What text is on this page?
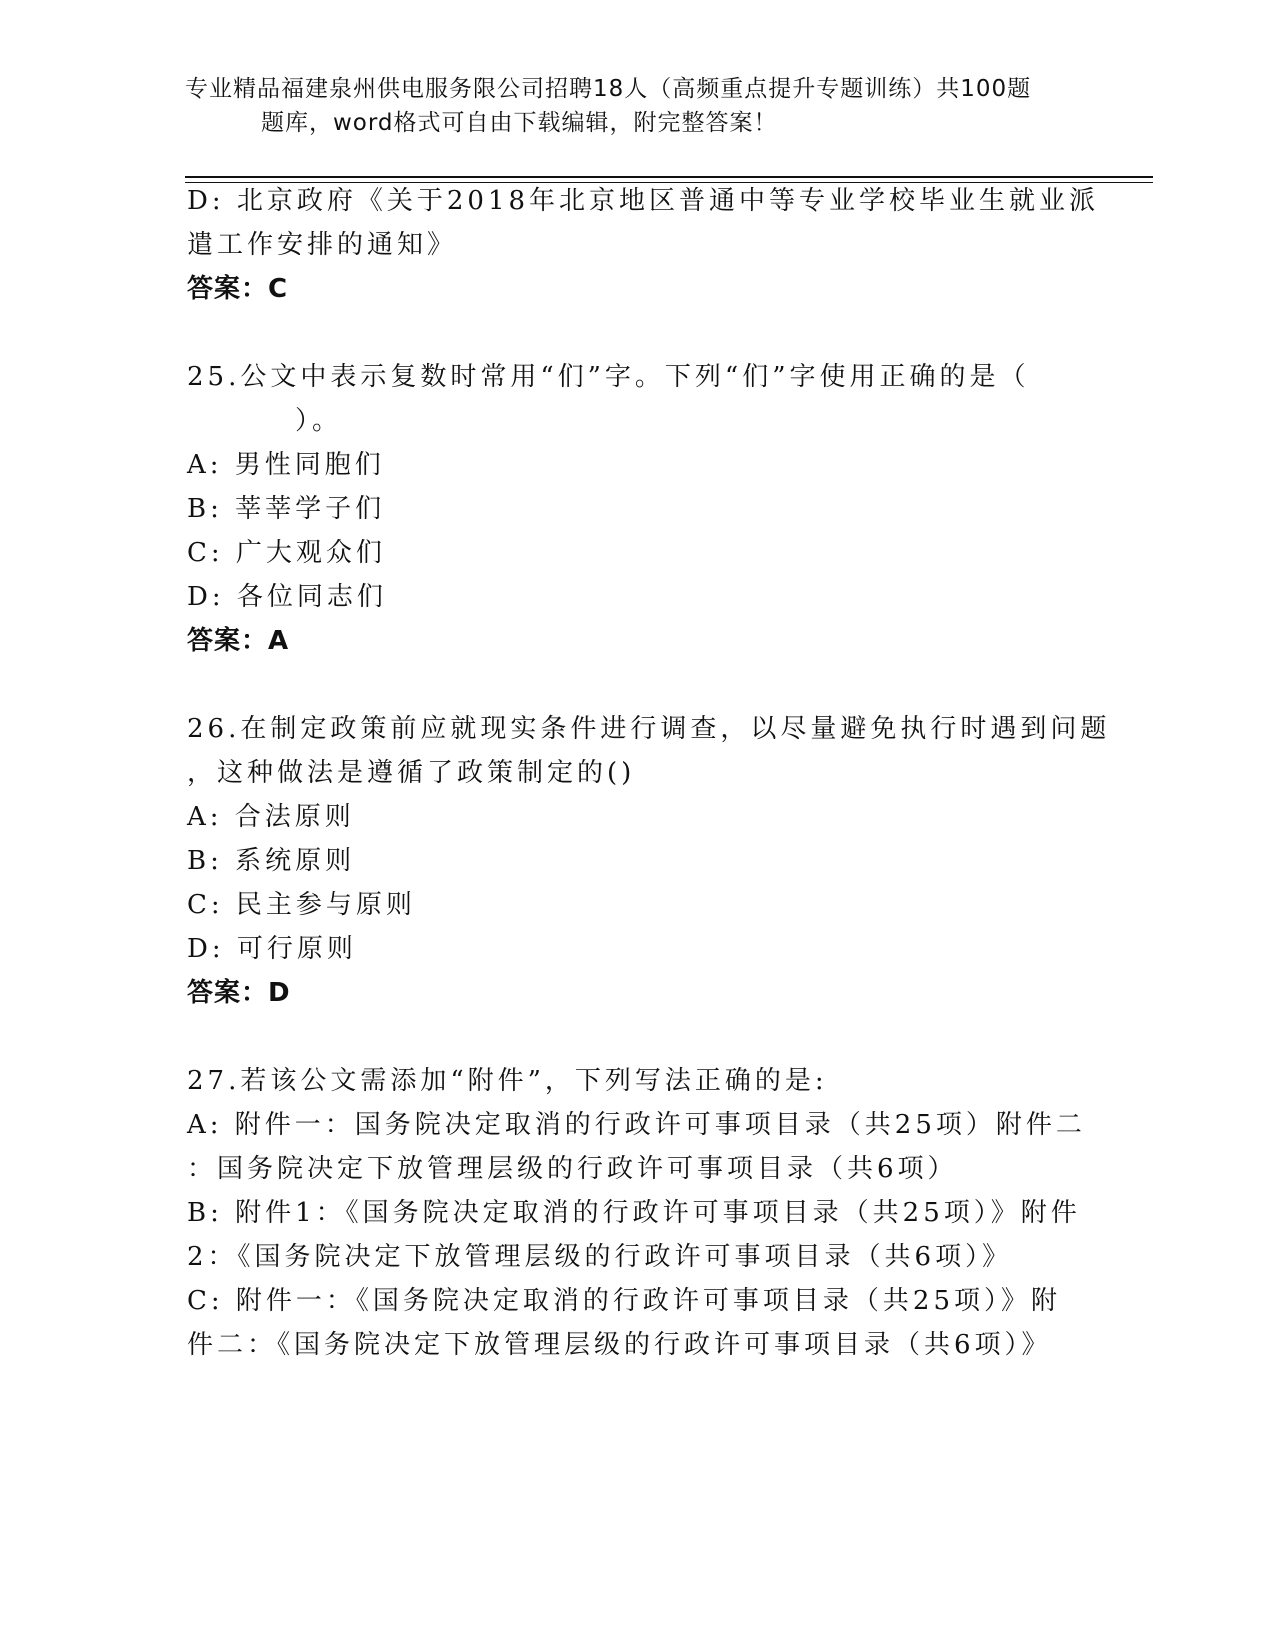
专业精品福建泉州供电服务限公司招聘18人（高频重点提升专题训练）共100题
题库，word格式可自由下载编辑，附完整答案！
D: 北京政府《关于2018年北京地区普通中等专业学校毕业生就业派
遣工作安排的通知》
答案：C
25.公文中表示复数时常用“们”字。下列“们”字使用正确的是（
）。
A: 男性同胞们
B: 莘莘学子们
C: 广大观众们
D: 各位同志们
答案：A
26.在制定政策前应就现实条件进行调查，以尽量避免执行时遇到问题
，这种做法是遵循了政策制定的()
A: 合法原则
B: 系统原则
C: 民主参与原则
D: 可行原则
答案：D
27.若该公文需添加“附件”，下列写法正确的是:
A: 附件一：国务院决定取消的行政许可事项目录（共25项）附件二
：国务院决定下放管理层级的行政许可事项目录（共6项）
B: 附件1：《国务院决定取消的行政许可事项目录（共25项）》附件
2：《国务院决定下放管理层级的行政许可事项目录（共6项）》
C: 附件一：《国务院决定取消的行政许可事项目录（共25项）》附
件二：《国务院决定下放管理层级的行政许可事项目录（共6项）》
